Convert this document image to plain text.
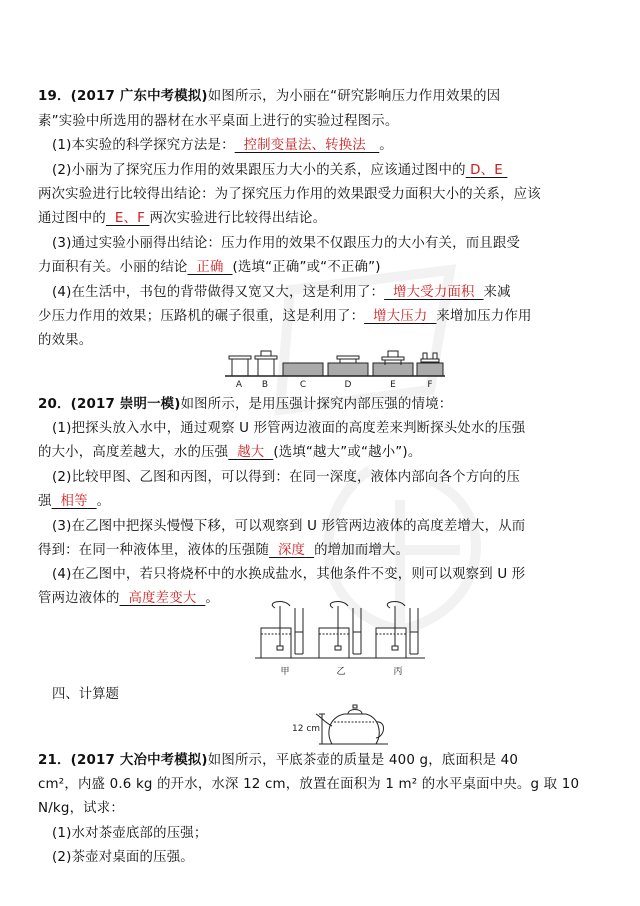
19．(2017 广东中考模拟)如图所示，为小丽在“研究影响压力作用效果的因
素”实验中所选用的器材在水平桌面上进行的实验过程图示。
(1)本实验的科学探究方法是： 控制变量法、转换法 。
(2)小丽为了探究压力作用的效果跟压力大小的关系，应该通过图中的 D、E
两次实验进行比较得出结论：为了探究压力作用的效果跟受力面积大小的关系，应该
通过图中的 E、F 两次实验进行比较得出结论。
(3)通过实验小丽得出结论：压力作用的效果不仅跟压力的大小有关，而且跟受
力面积有关。小丽的结论 正确 (选填“正确”或“不正确”)
(4)在生活中，书包的背带做得又宽又大，这是利用了： 增大受力面积 来减
少压力作用的效果；压路机的碾子很重，这是利用了： 增大压力 来增加压力作用
的效果。
A B	C	D	E	F
20．(2017 崇明一模)如图所示，是用压强计探究内部压强的情境：
(1)把探头放入水中，通过观察 U 形管两边液面的高度差来判断探头处水的压强
的大小，高度差越大，水的压强 越大 (选填“越大”或“越小”)。
(2)比较甲图、乙图和丙图，可以得到：在同一深度，液体内部向各个方向的压
强 相等 。
(3)在乙图中把探头慢慢下移，可以观察到 U 形管两边液体的高度差增大，从而
得到：在同一种液体里，液体的压强随 深度 的增加而增大。
(4)在乙图中，若只将烧杯中的水换成盐水，其他条件不变，则可以观察到 U 形
管两边液体的 高度差变大 。
甲	乙	丙
四、计算题
12 cm
21．(2017 大冶中考模拟)如图所示，平底茶壶的质量是 400 g，底面积是 40
cm²，内盛 0.6 kg 的开水，水深 12 cm，放置在面积为 1 m² 的水平桌面中央。g 取 10
N/kg，试求：
(1)水对茶壶底部的压强；
(2)茶壶对桌面的压强。
